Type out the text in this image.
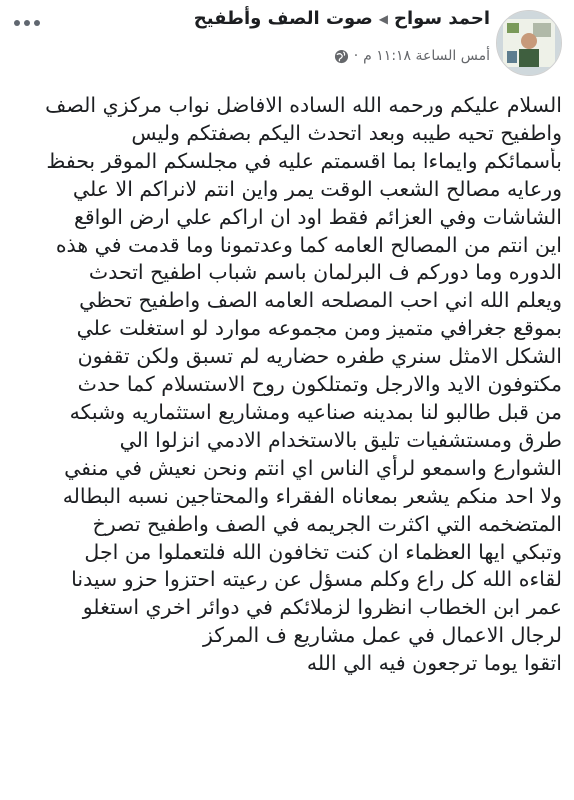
احمد سواح
◀
صوت الصف وأطفيح
أمس الساعة ١١:١٨ م
·
السلام عليكم ورحمه الله الساده الافاضل نواب مركزي الصف
واطفيح تحيه طيبه وبعد اتحدث اليكم بصفتكم وليس
بأسمائكم وايماءا بما اقسمتم عليه في مجلسكم الموقر بحفظ
ورعايه مصالح الشعب الوقت يمر واين انتم لانراكم الا علي
الشاشات وفي العزائم فقط اود ان اراكم علي ارض الواقع
اين انتم من المصالح العامه كما وعدتمونا وما قدمت في هذه
الدوره وما دوركم ف البرلمان باسم شباب اطفيح اتحدث
ويعلم الله اني احب المصلحه العامه الصف واطفيح تحظي
بموقع جغرافي متميز ومن مجموعه موارد لو استغلت علي
الشكل الامثل سنري طفره حضاريه لم تسبق ولكن تقفون
مكتوفون الايد والارجل وتمتلكون روح الاستسلام كما حدث
من قبل طالبو لنا بمدينه صناعيه ومشاريع استثماريه وشبكه
طرق ومستشفيات تليق بالاستخدام الادمي انزلوا الي
الشوارع واسمعو لرأي الناس اي انتم ونحن نعيش في منفي
ولا احد منكم يشعر بمعاناه الفقراء والمحتاجين نسبه البطاله
المتضخمه التي اكثرت الجريمه في الصف واطفيح تصرخ
وتبكي ايها العظماء ان كنت تخافون الله فلتعملوا من اجل
لقاءه الله كل راع وكلم مسؤل عن رعيته احتزوا حزو سيدنا
عمر ابن الخطاب انظروا لزملائكم في دوائر اخري استغلو
لرجال الاعمال في عمل مشاريع ف المركز
اتقوا يوما ترجعون فيه الي الله
